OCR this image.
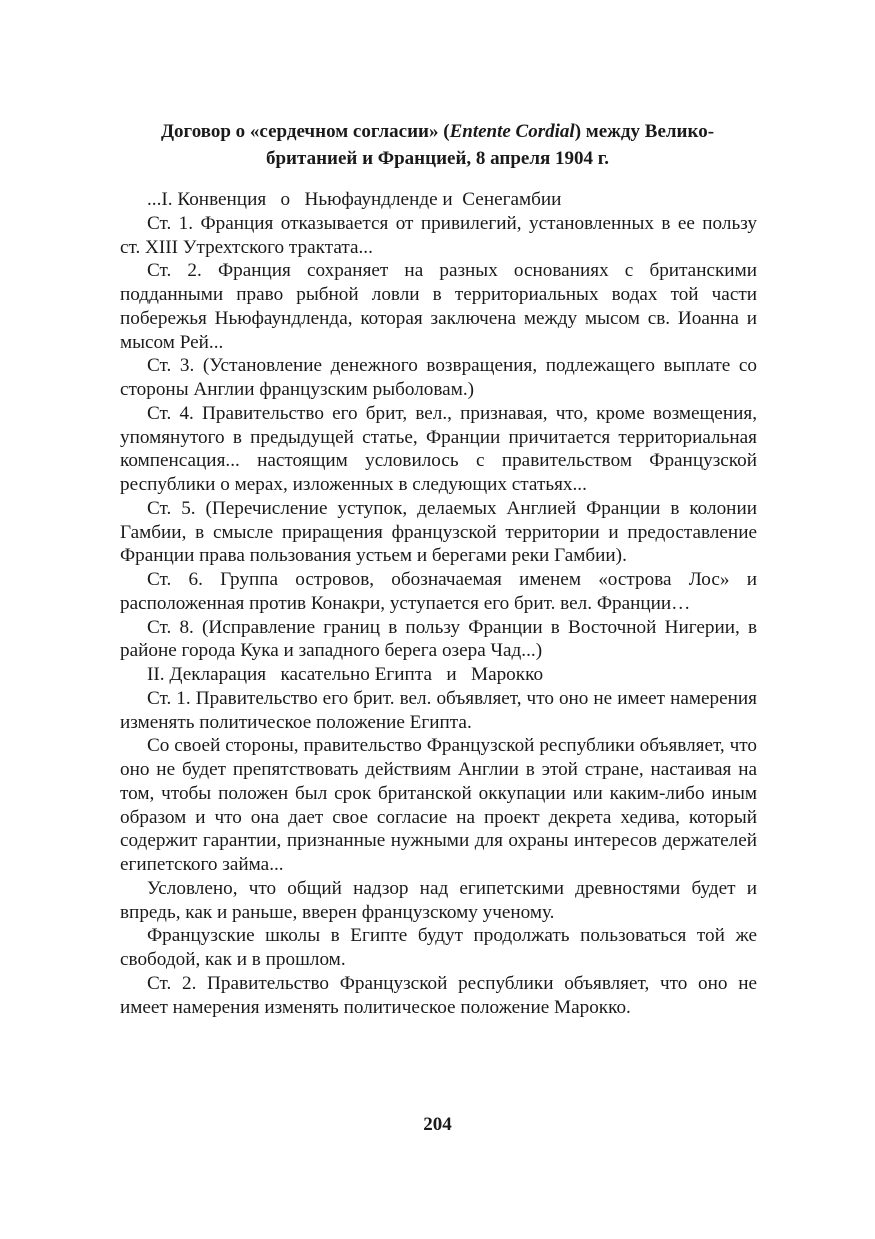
Договор о «сердечном согласии» (Entente Cordial) между Велико-
британией и Францией, 8 апреля 1904 г.

...I. Конвенция   о   Ньюфаундленде и  Сенегамбии

Ст. 1. Франция отказывается от привилегий, установленных в ее пользу ст. XIII Утрехтского трактата...

Ст. 2. Франция сохраняет на разных основаниях с британскими подданными право рыбной ловли в территориальных водах той части побережья Ньюфаундленда, которая заключена между мысом св. Иоанна и мысом Рей...

Ст. 3. (Установление денежного возвращения, подлежащего выплате со стороны Англии французским рыболовам.)

Ст. 4. Правительство его брит, вел., признавая, что, кроме возмещения, упомянутого в предыдущей статье, Франции причитается территориальная компенсация... настоящим условилось с правительством Французской республики о мерах, изложенных в следующих статьях...

Ст. 5. (Перечисление уступок, делаемых Англией Франции в колонии Гамбии, в смысле приращения французской территории и предоставление Франции права пользования устьем и берегами реки Гамбии).

Ст. 6. Группа островов, обозначаемая именем «острова Лос» и расположенная против Конакри, уступается его брит. вел. Франции…

Ст. 8. (Исправление границ в пользу Франции в Восточной Нигерии, в районе города Кука и западного берега озера Чад...)

II. Декларация   касательно Египта   и   Марокко

Ст. 1. Правительство его брит. вел. объявляет, что оно не имеет намерения изменять политическое положение Египта.

Со своей стороны, правительство Французской республики объявляет, что оно не будет препятствовать действиям Англии в этой стране, настаивая на том, чтобы положен был срок британской оккупации или каким-либо иным образом и что она дает свое согласие на проект декрета хедива, который содержит гарантии, признанные нужными для охраны интересов держателей египетского займа...

Условлено, что общий надзор над египетскими древностями будет и впредь, как и раньше, вверен французскому ученому.

Французские школы в Египте будут продолжать пользоваться той же свободой, как и в прошлом.

Ст. 2. Правительство Французской республики объявляет, что оно не имеет намерения изменять политическое положение Марокко.

204
